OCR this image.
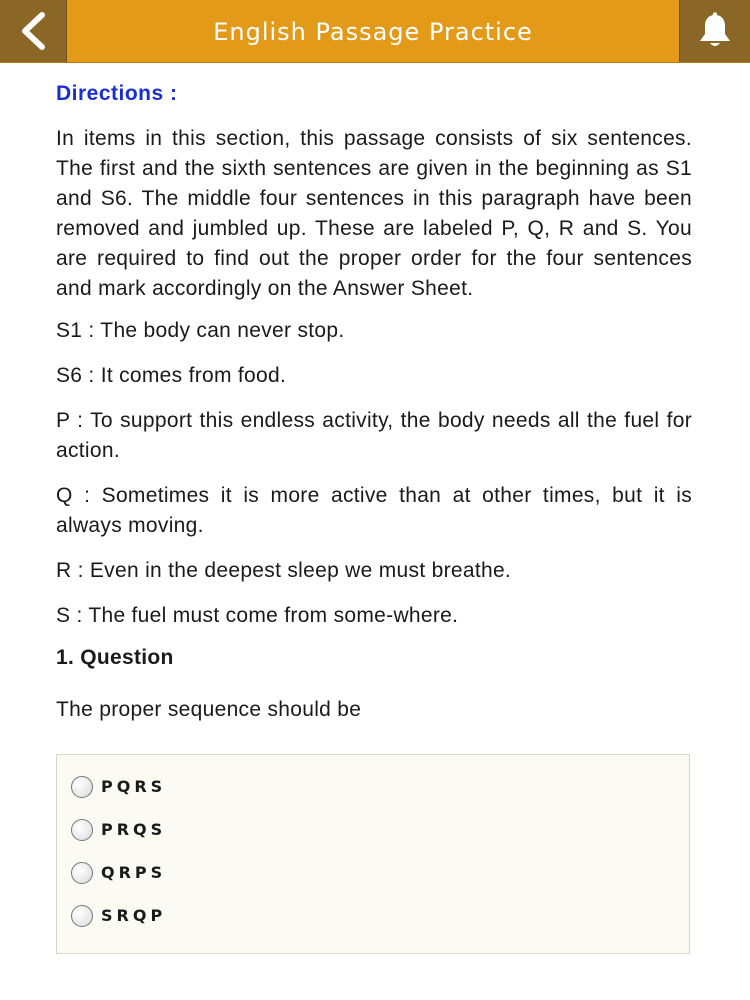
English Passage Practice
Directions :

In items in this section, this passage consists of six sentences. The first and the sixth sentences are given in the beginning as S1 and S6. The middle four sentences in this paragraph have been removed and jumbled up. These are labeled P, Q, R and S. You are required to find out the proper order for the four sentences and mark accordingly on the Answer Sheet.

S1 : The body can never stop.

S6 : It comes from food.

P : To support this endless activity, the body needs all the fuel for action.

Q : Sometimes it is more active than at other times, but it is always moving.

R : Even in the deepest sleep we must breathe.

S : The fuel must come from some-where.

1. Question
The proper sequence should be
PQRS
PRQS
QRPS
SRQP
